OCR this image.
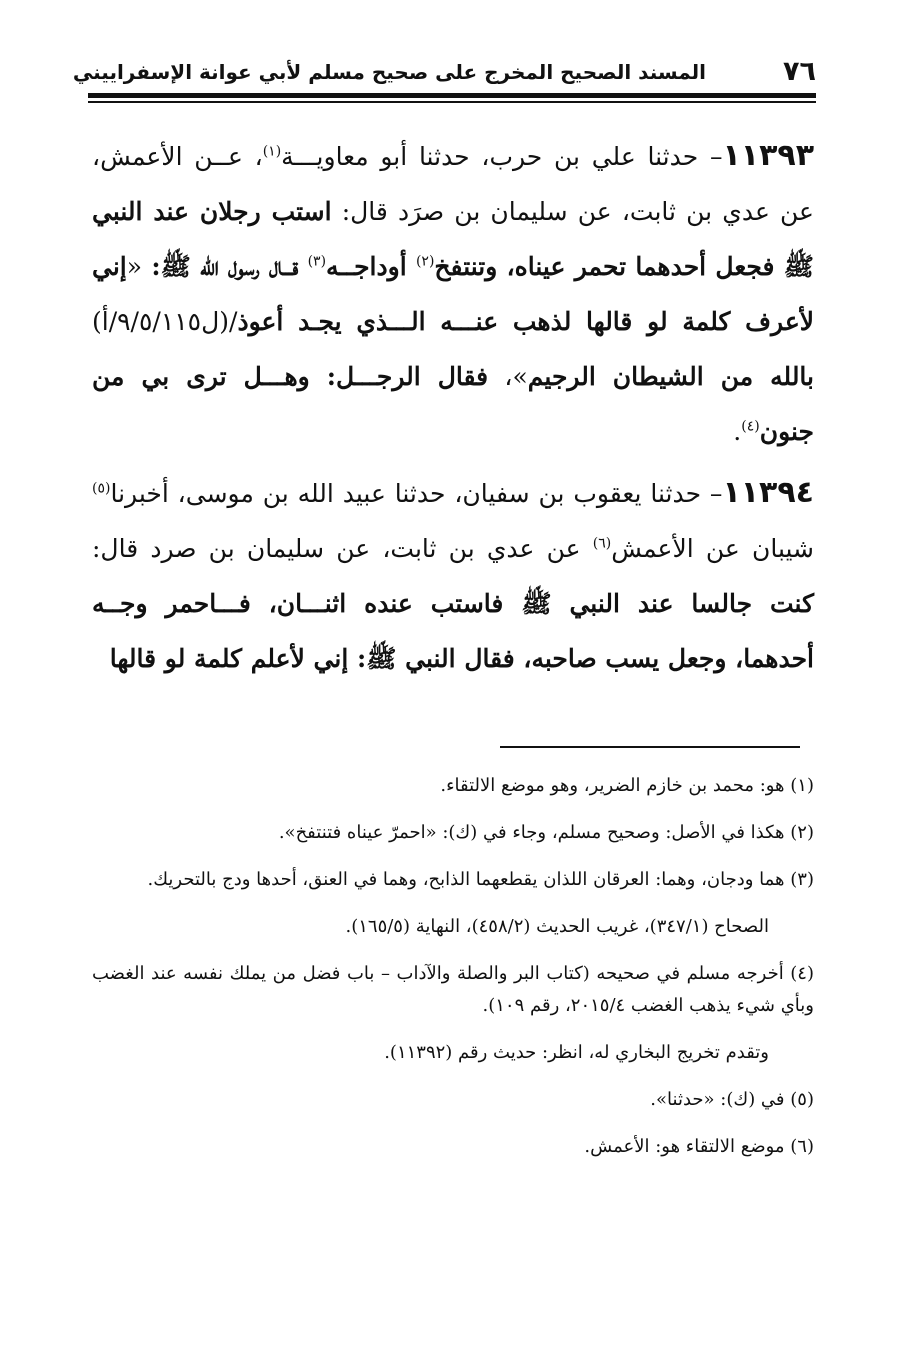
٧٦
المسند الصحيح المخرج على صحيح مسلم لأبي عوانة الإسفراييني

١١٣٩٣– حدثنا علي بن حرب، حدثنا أبو معاويـــة$^{(١)}$، عــن الأعمش، عن عدي بن ثابت، عن سليمان بن صرَد قال: استب رجلان عند النبي ﷺ فجعل أحدهما تحمر عيناه، وتنتفخ$^{(٢)}$ أوداجــه$^{(٣)}$ قـــال رسول الله ﷺ: «إني لأعرف كلمة لو قالها لذهب عنـــه الـــذي يجـد أعوذ/(ل٩/٥/١١٥/أ) بالله من الشيطان الرجيم»، فقال الرجـــل: وهـــل ترى بي من جنون$^{(٤)}$.

١١٣٩٤– حدثنا يعقوب بن سفيان، حدثنا عبيد الله بن موسى، أخبرنا$^{(٥)}$ شيبان عن الأعمش$^{(٦)}$ عن عدي بن ثابت، عن سليمان بن صرد قال: كنت جالسا عند النبي ﷺ فاستب عنده اثنـــان، فـــاحمر وجــه أحدهما، وجعل يسب صاحبه، فقال النبي ﷺ: إني لأعلم كلمة لو قالها

(١) هو: محمد بن خازم الضرير، وهو موضع الالتقاء.

(٢) هكذا في الأصل: وصحيح مسلم، وجاء في (ك): «احمرّ عيناه فتنتفخ».

(٣) هما ودجان، وهما: العرقان اللذان يقطعهما الذابح، وهما في العنق، أحدها ودج بالتحريك.

الصحاح (٣٤٧/١)، غريب الحديث (٤٥٨/٢)، النهاية (١٦٥/٥).

(٤) أخرجه مسلم في صحيحه (كتاب البر والصلة والآداب – باب فضل من يملك نفسه عند الغضب وبأي شيء يذهب الغضب ٢٠١٥/٤، رقم ١٠٩).

وتقدم تخريج البخاري له، انظر: حديث رقم (١١٣٩٢).

(٥) في (ك): «حدثنا».

(٦) موضع الالتقاء هو: الأعمش.
